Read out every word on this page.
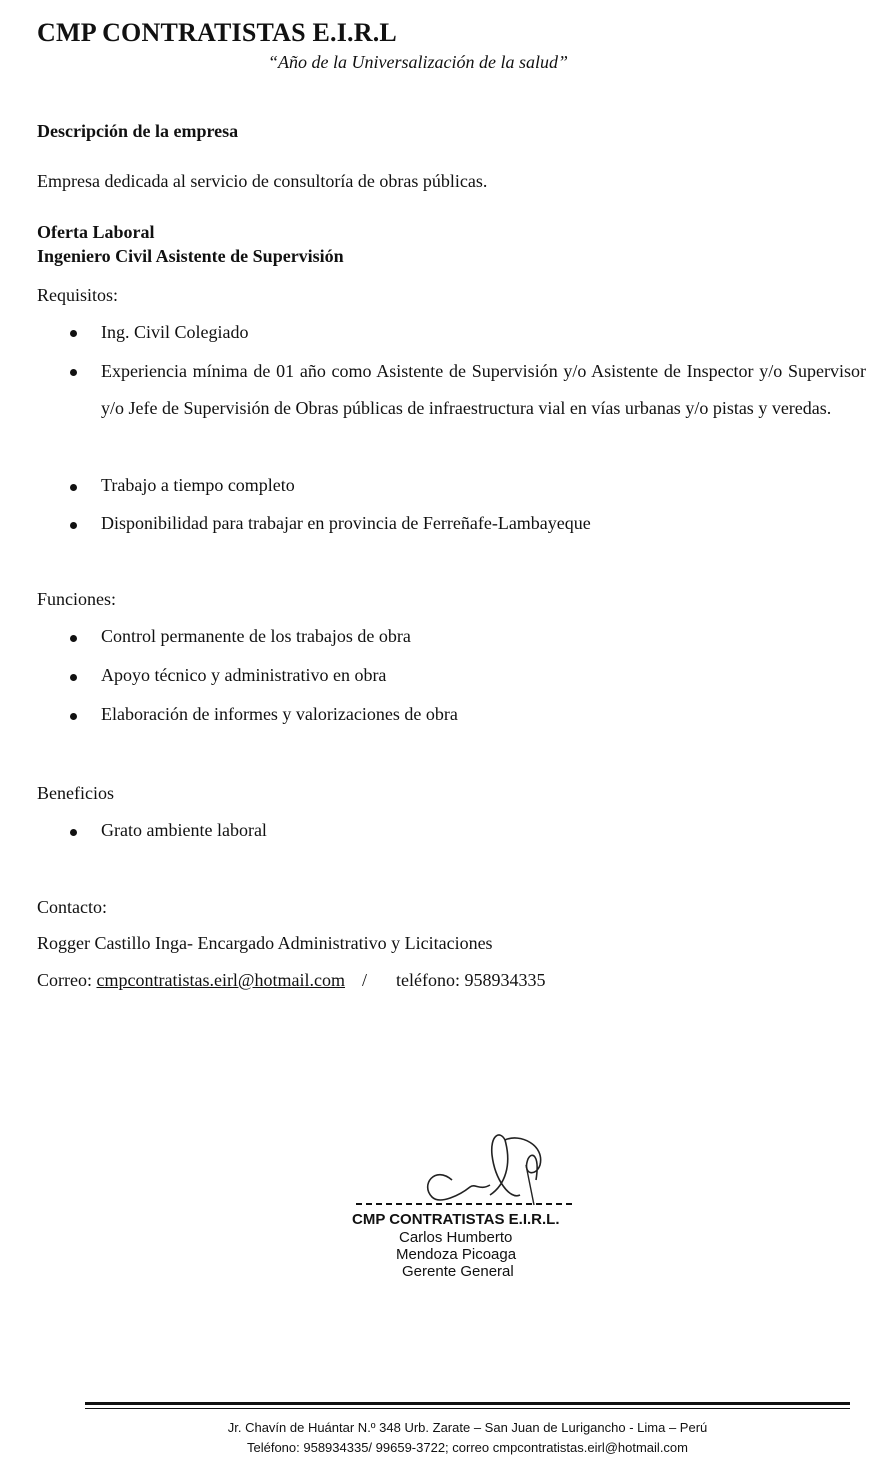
CMP CONTRATISTAS E.I.R.L
“Año de la Universalización de la salud”
Descripción de la empresa
Empresa dedicada al servicio de consultoría de obras públicas.
Oferta Laboral
Ingeniero Civil Asistente de Supervisión
Requisitos:
Ing. Civil Colegiado
Experiencia mínima de 01 año como Asistente de Supervisión y/o Asistente de Inspector y/o Supervisor y/o Jefe de Supervisión de Obras públicas de infraestructura vial en vías urbanas y/o pistas y veredas.
Trabajo a tiempo completo
Disponibilidad para trabajar en provincia de Ferreñafe-Lambayeque
Funciones:
Control permanente de los trabajos de obra
Apoyo técnico y administrativo en obra
Elaboración de informes y valorizaciones de obra
Beneficios
Grato ambiente laboral
Contacto:
Rogger Castillo Inga- Encargado Administrativo y Licitaciones
Correo: cmpcontratistas.eirl@hotmail.com / teléfono: 958934335
CMP CONTRATISTAS E.I.R.L.
Carlos Humberto
Mendoza Picoaga
Gerente General
Jr. Chavín de Huántar N.º 348 Urb. Zarate – San Juan de Lurigancho - Lima – Perú
Teléfono: 958934335/ 99659-3722; correo cmpcontratistas.eirl@hotmail.com
